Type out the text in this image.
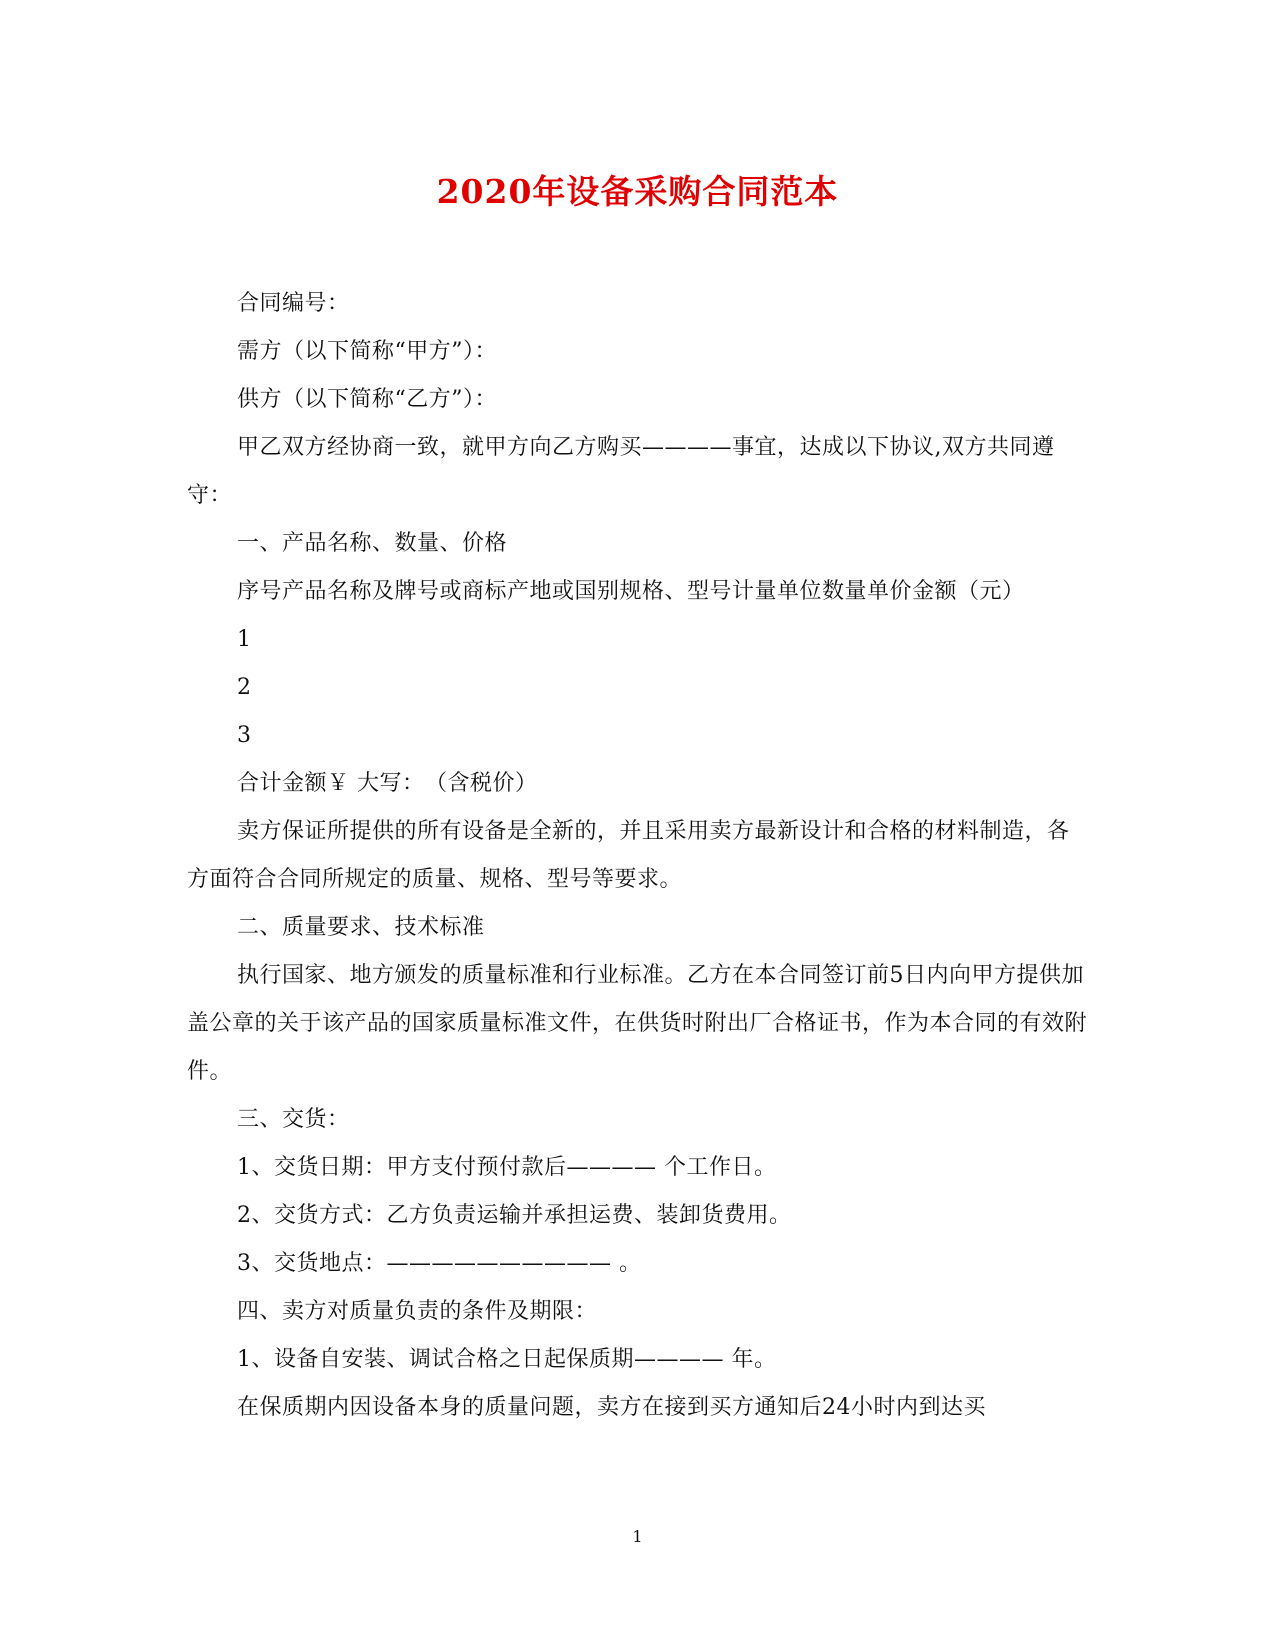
2020年设备采购合同范本

合同编号：

需方（以下简称“甲方”）：

供方（以下简称“乙方”）：

甲乙双方经协商一致，就甲方向乙方购买————事宜，达成以下协议,双方共同遵守：

一、产品名称、数量、价格

序号产品名称及牌号或商标产地或国别规格、型号计量单位数量单价金额（元）

1

2

3

合计金额￥ 大写：　（含税价）

卖方保证所提供的所有设备是全新的，并且采用卖方最新设计和合格的材料制造，各方面符合合同所规定的质量、规格、型号等要求。

二、质量要求、技术标准

执行国家、地方颁发的质量标准和行业标准。乙方在本合同签订前5日内向甲方提供加盖公章的关于该产品的国家质量标准文件，在供货时附出厂合格证书，作为本合同的有效附件。

三、交货：

1、交货日期：甲方支付预付款后———— 个工作日。

2、交货方式：乙方负责运输并承担运费、装卸货费用。

3、交货地点：—————————— 。

四、卖方对质量负责的条件及期限：

1、设备自安装、调试合格之日起保质期———— 年。

在保质期内因设备本身的质量问题，卖方在接到买方通知后24小时内到达买

1
